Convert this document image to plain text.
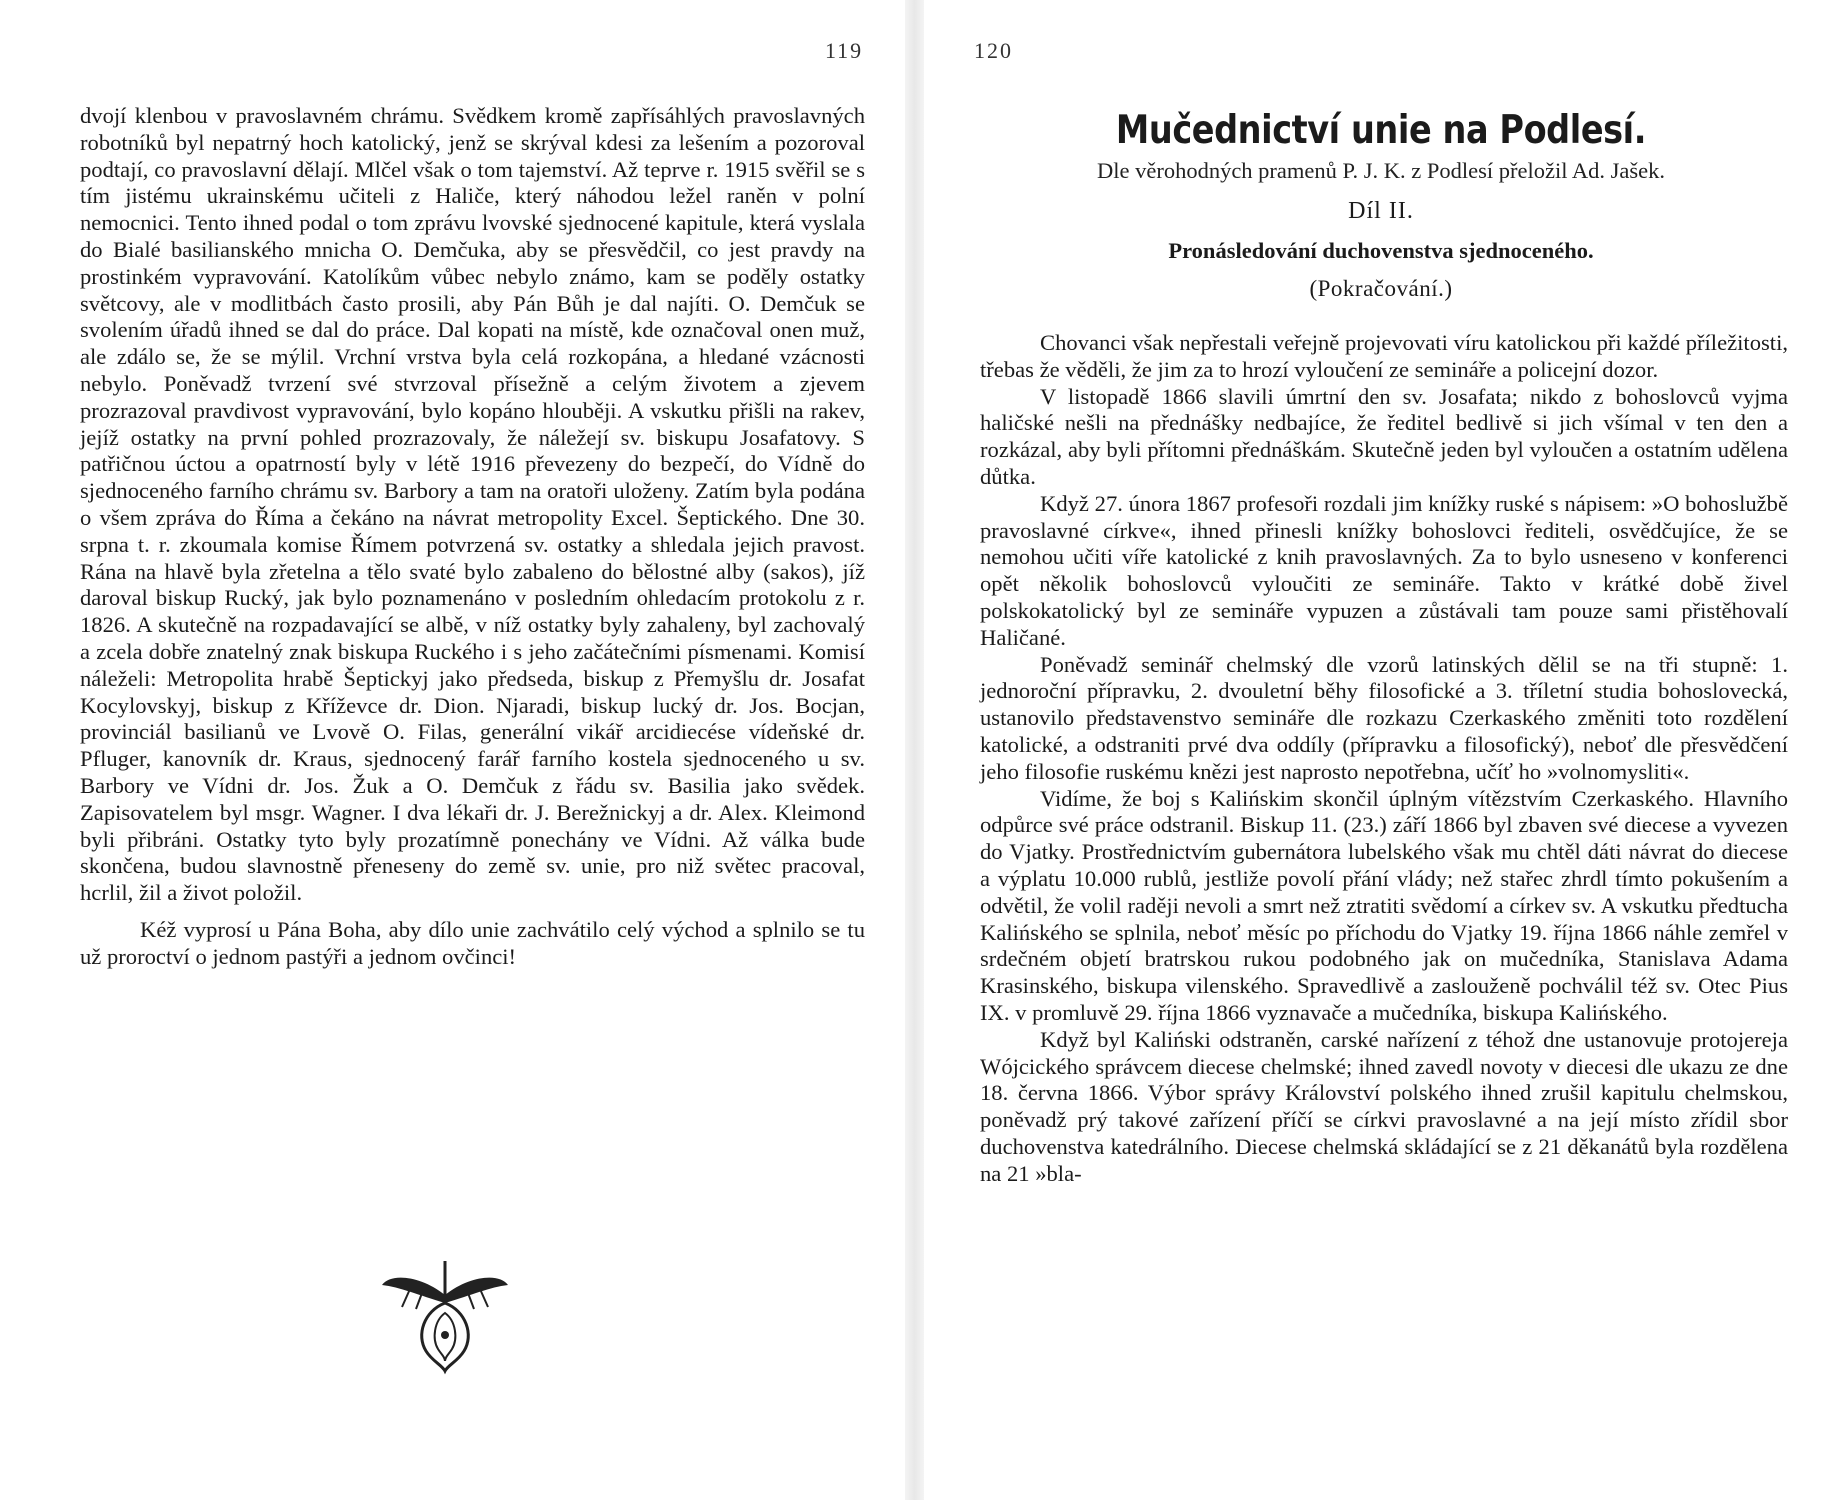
119

dvojí klenbou v pravoslavném chrámu. Svědkem kromě zapřísáhlých pravoslavných robotníků byl nepatrný hoch katolický, jenž se skrýval kdesi za lešením a pozoroval podtají, co pravoslavní dělají. Mlčel však o tom tajemství. Až teprve r. 1915 svěřil se s tím jistému ukrainskému učiteli z Haliče, který náhodou ležel raněn v polní nemocnici. Tento ihned podal o tom zprávu lvovské sjednocené kapitule, která vyslala do Bialé basilianského mnicha O. Demčuka, aby se přesvědčil, co jest pravdy na prostinkém vypravování. Katolíkům vůbec nebylo známo, kam se poděly ostatky světcovy, ale v modlitbách často prosili, aby Pán Bůh je dal najíti. O. Demčuk se svolením úřadů ihned se dal do práce. Dal kopati na místě, kde označoval onen muž, ale zdálo se, že se mýlil. Vrchní vrstva byla celá rozkopána, a hledané vzácnosti nebylo. Poněvadž tvrzení své stvrzoval přísežně a celým životem a zjevem prozrazoval pravdivost vypravování, bylo kopáno hlouběji. A vskutku přišli na rakev, jejíž ostatky na první pohled prozrazovaly, že náležejí sv. biskupu Josafatovy. S patřičnou úctou a opatrností byly v létě 1916 převezeny do bezpečí, do Vídně do sjednoceného farního chrámu sv. Barbory a tam na oratoři uloženy. Zatím byla podána o všem zpráva do Říma a čekáno na návrat metropolity Excel. Šeptického. Dne 30. srpna t. r. zkoumala komise Římem potvrzená sv. ostatky a shledala jejich pravost. Rána na hlavě byla zřetelna a tělo svaté bylo zabaleno do bělostné alby (sakos), jíž daroval biskup Rucký, jak bylo poznamenáno v posledním ohledacím protokolu z r. 1826. A skutečně na rozpadavající se albě, v níž ostatky byly zahaleny, byl zachovalý a zcela dobře znatelný znak biskupa Ruckého i s jeho začátečními písmenami. Komisí náleželi: Metropolita hrabě Šeptickyj jako předseda, biskup z Přemyšlu dr. Josafat Kocylovskyj, biskup z Kříževce dr. Dion. Njaradi, biskup lucký dr. Jos. Bocjan, provinciál basilianů ve Lvově O. Filas, generální vikář arcidiecése vídeňské dr. Pfluger, kanovník dr. Kraus, sjednocený farář farního kostela sjednoceného u sv. Barbory ve Vídni dr. Jos. Žuk a O. Demčuk z řádu sv. Basilia jako svědek. Zapisovatelem byl msgr. Wagner. I dva lékaři dr. J. Berežnickyj a dr. Alex. Kleimond byli přibráni. Ostatky tyto byly prozatímně ponechány ve Vídni. Až válka bude skončena, budou slavnostně přeneseny do země sv. unie, pro niž světec pracoval, hcrlil, žil a život položil.

Kéž vyprosí u Pána Boha, aby dílo unie zachvátilo celý východ a splnilo se tu už proroctví o jednom pastýři a jednom ovčinci!

120
Mučednictví unie na Podlesí.
Dle věrohodných pramenů P. J. K. z Podlesí přeložil Ad. Jašek.
Díl II.
Pronásledování duchovenstva sjednoceného.
(Pokračování.)

Chovanci však nepřestali veřejně projevovati víru katolickou při každé příležitosti, třebas že věděli, že jim za to hrozí vyloučení ze semináře a policejní dozor.

V listopadě 1866 slavili úmrtní den sv. Josafata; nikdo z bohoslovců vyjma haličské nešli na přednášky nedbajíce, že ředitel bedlivě si jich všímal v ten den a rozkázal, aby byli přítomni přednáškám. Skutečně jeden byl vyloučen a ostatním udělena důtka.

Když 27. února 1867 profesoři rozdali jim knížky ruské s nápisem: »O bohoslužbě pravoslavné církve«, ihned přinesli knížky bohoslovci řediteli, osvědčujíce, že se nemohou učiti víře katolické z knih pravoslavných. Za to bylo usneseno v konferenci opět několik bohoslovců vyloučiti ze semináře. Takto v krátké době živel polskokatolický byl ze semináře vypuzen a zůstávali tam pouze sami přistěhovalí Haličané.

Poněvadž seminář chelmský dle vzorů latinských dělil se na tři stupně: 1. jednoroční přípravku, 2. dvouletní běhy filosofické a 3. tříletní studia bohoslovecká, ustanovilo představenstvo semináře dle rozkazu Czerkaského změniti toto rozdělení katolické, a odstraniti prvé dva oddíly (přípravku a filosofický), neboť dle přesvědčení jeho filosofie ruskému knězi jest naprosto nepotřebna, učíť ho »volnomysliti«.

Vidíme, že boj s Kalińskim skončil úplným vítězstvím Czerkaského. Hlavního odpůrce své práce odstranil. Biskup 11. (23.) září 1866 byl zbaven své diecese a vyvezen do Vjatky. Prostřednictvím gubernátora lubelského však mu chtěl dáti návrat do diecese a výplatu 10.000 rublů, jestliže povolí přání vlády; než stařec zhrdl tímto pokušením a odvětil, že volil raději nevoli a smrt než ztratiti svědomí a církev sv. A vskutku předtucha Kalińského se splnila, neboť měsíc po příchodu do Vjatky 19. října 1866 náhle zemřel v srdečném objetí bratrskou rukou podobného jak on mučedníka, Stanislava Adama Krasinského, biskupa vilenského. Spravedlivě a zaslouženě pochválil též sv. Otec Pius IX. v promluvě 29. října 1866 vyznavače a mučedníka, biskupa Kalińského.

Když byl Kaliński odstraněn, carské nařízení z téhož dne ustanovuje protojereja Wójcického správcem diecese chelmské; ihned zavedl novoty v diecesi dle ukazu ze dne 18. června 1866. Výbor správy Království polského ihned zrušil kapitulu chelmskou, poněvadž prý takové zařízení příčí se církvi pravoslavné a na její místo zřídil sbor duchovenstva katedrálního. Diecese chelmská skládající se z 21 děkanátů byla rozdělena na 21 »bla-
